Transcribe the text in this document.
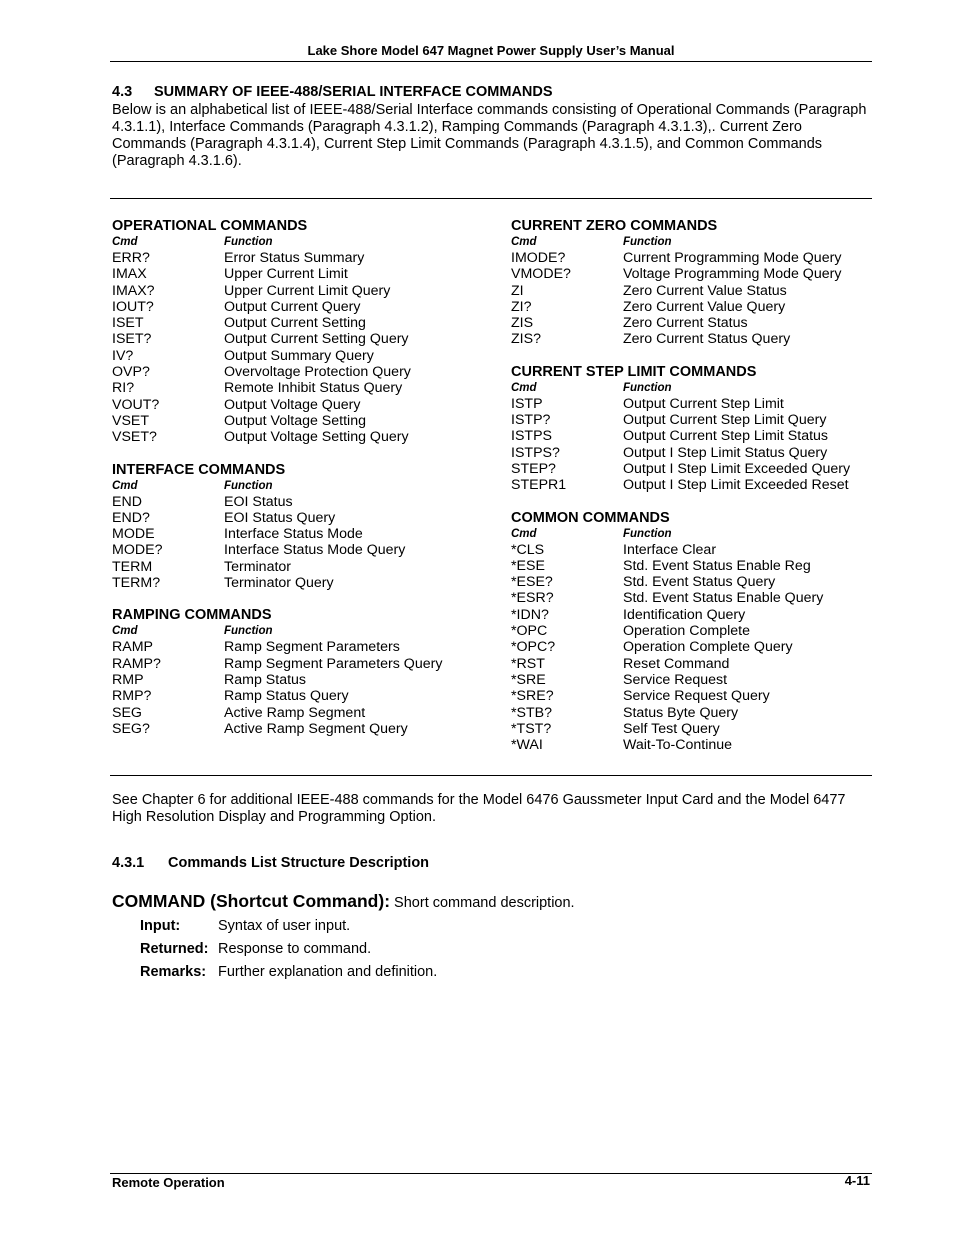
Lake Shore Model 647 Magnet Power Supply User’s Manual
4.3 SUMMARY OF IEEE-488/SERIAL INTERFACE COMMANDS
Below is an alphabetical list of IEEE-488/Serial Interface commands consisting of Operational Commands (Paragraph 4.3.1.1), Interface Commands (Paragraph 4.3.1.2), Ramping Commands (Paragraph 4.3.1.3),. Current Zero Commands (Paragraph 4.3.1.4), Current Step Limit Commands (Paragraph 4.3.1.5), and Common Commands (Paragraph 4.3.1.6).
OPERATIONAL COMMANDS
Cmd	Function
ERR?	Error Status Summary
IMAX	Upper Current Limit
IMAX?	Upper Current Limit Query
IOUT?	Output Current Query
ISET	Output Current Setting
ISET?	Output Current Setting Query
IV?	Output Summary Query
OVP?	Overvoltage Protection Query
RI?	Remote Inhibit Status Query
VOUT?	Output Voltage Query
VSET	Output Voltage Setting
VSET?	Output Voltage Setting Query
INTERFACE COMMANDS
Cmd	Function
END	EOI Status
END?	EOI Status Query
MODE	Interface Status Mode
MODE?	Interface Status Mode Query
TERM	Terminator
TERM?	Terminator Query
RAMPING COMMANDS
Cmd	Function
RAMP	Ramp Segment Parameters
RAMP?	Ramp Segment Parameters Query
RMP	Ramp Status
RMP?	Ramp Status Query
SEG	Active Ramp Segment
SEG?	Active Ramp Segment Query
CURRENT ZERO COMMANDS
Cmd	Function
IMODE?	Current Programming Mode Query
VMODE?	Voltage Programming Mode Query
ZI	Zero Current Value Status
ZI?	Zero Current Value Query
ZIS	Zero Current Status
ZIS?	Zero Current Status Query
CURRENT STEP LIMIT COMMANDS
Cmd	Function
ISTP	Output Current Step Limit
ISTP?	Output Current Step Limit Query
ISTPS	Output Current Step Limit Status
ISTPS?	Output I Step Limit Status Query
STEP?	Output I Step Limit Exceeded Query
STEPR1	Output I Step Limit Exceeded Reset
COMMON COMMANDS
Cmd	Function
*CLS	Interface Clear
*ESE	Std. Event Status Enable Reg
*ESE?	Std. Event Status Query
*ESR?	Std. Event Status Enable Query
*IDN?	Identification Query
*OPC	Operation Complete
*OPC?	Operation Complete Query
*RST	Reset Command
*SRE	Service Request
*SRE?	Service Request Query
*STB?	Status Byte Query
*TST?	Self Test Query
*WAI	Wait-To-Continue
See Chapter 6 for additional IEEE-488 commands for the Model 6476 Gaussmeter Input Card and the Model 6477 High Resolution Display and Programming Option.
4.3.1 Commands List Structure Description
COMMAND (Shortcut Command): Short command description.
Input:	Syntax of user input.
Returned: Response to command.
Remarks: Further explanation and definition.
Remote Operation	4-11
